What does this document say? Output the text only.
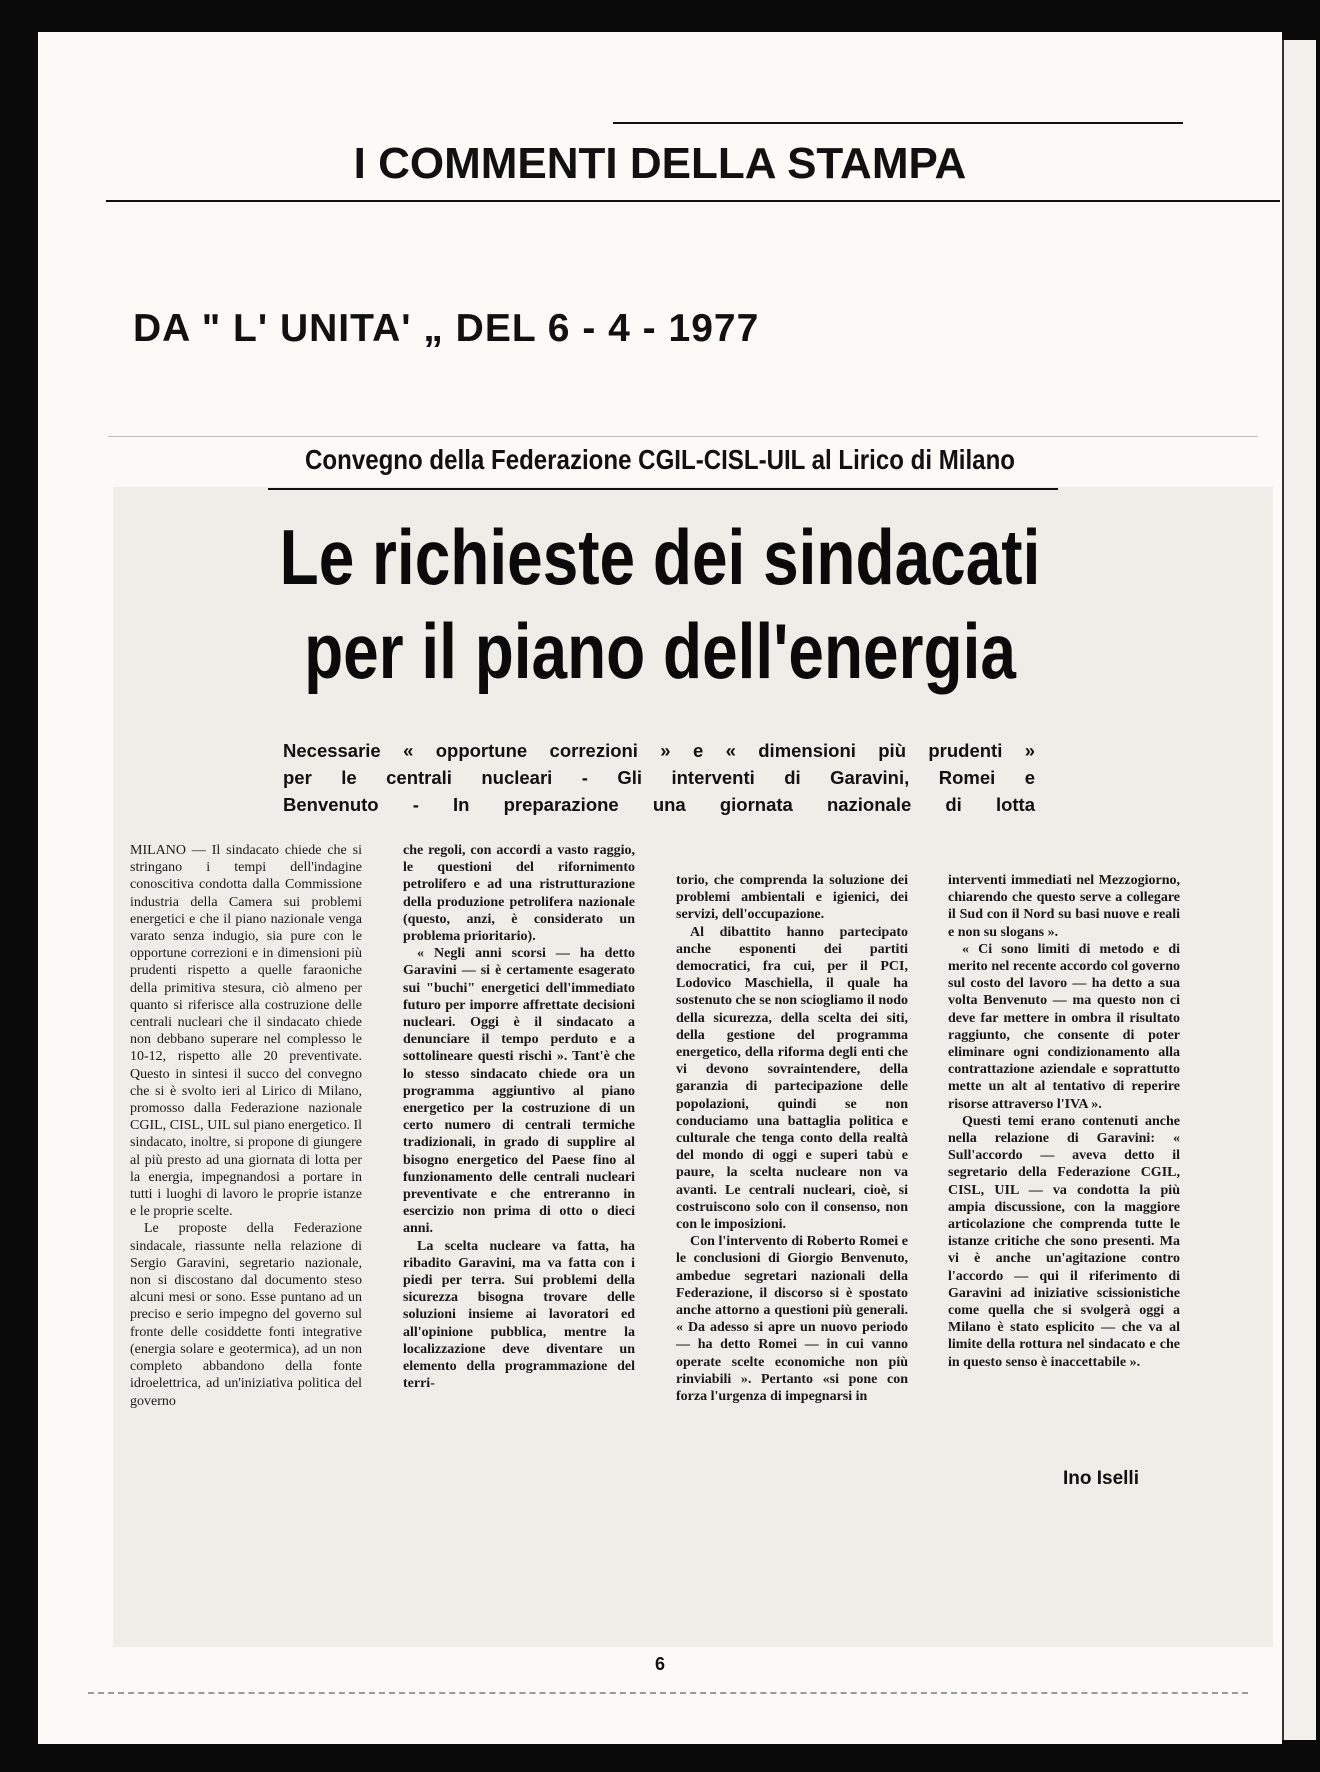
I COMMENTI DELLA STAMPA
DA " L' UNITA' „ DEL 6 - 4 - 1977
Convegno della Federazione CGIL-CISL-UIL al Lirico di Milano
Le richieste dei sindacati
per il piano dell'energia
Necessarie « opportune correzioni » e « dimensioni più prudenti »
per le centrali nucleari - Gli interventi di Garavini, Romei e
Benvenuto - In preparazione una giornata nazionale di lotta

MILANO — Il sindacato chiede che si stringano i tempi dell'indagine conoscitiva condotta dalla Commissione industria della Camera sui problemi energetici e che il piano nazionale venga varato senza indugio, sia pure con le opportune correzioni e in dimensioni più prudenti rispetto a quelle faraoniche della primitiva stesura, ciò almeno per quanto si riferisce alla costruzione delle centrali nucleari che il sindacato chiede non debbano superare nel complesso le 10-12, rispetto alle 20 preventivate. Questo in sintesi il succo del convegno che si è svolto ieri al Lirico di Milano, promosso dalla Federazione nazionale CGIL, CISL, UIL sul piano energetico. Il sindacato, inoltre, si propone di giungere al più presto ad una giornata di lotta per la energia, impegnandosi a portare in tutti i luoghi di lavoro le proprie istanze e le proprie scelte.

Le proposte della Federazione sindacale, riassunte nella relazione di Sergio Garavini, segretario nazionale, non si discostano dal documento steso alcuni mesi or sono. Esse puntano ad un preciso e serio impegno del governo sul fronte delle cosiddette fonti integrative (energia solare e geotermica), ad un non completo abbandono della fonte idroelettrica, ad un'iniziativa politica del governo

che regoli, con accordi a vasto raggio, le questioni del rifornimento petrolifero e ad una ristrutturazione della produzione petrolifera nazionale (questo, anzi, è considerato un problema prioritario).

« Negli anni scorsi — ha detto Garavini — si è certamente esagerato sui "buchi" energetici dell'immediato futuro per imporre affrettate decisioni nucleari. Oggi è il sindacato a denunciare il tempo perduto e a sottolineare questi rischi ». Tant'è che lo stesso sindacato chiede ora un programma aggiuntivo al piano energetico per la costruzione di un certo numero di centrali termiche tradizionali, in grado di supplire al bisogno energetico del Paese fino al funzionamento delle centrali nucleari preventivate e che entreranno in esercizio non prima di otto o dieci anni.

La scelta nucleare va fatta, ha ribadito Garavini, ma va fatta con i piedi per terra. Sui problemi della sicurezza bisogna trovare delle soluzioni insieme ai lavoratori ed all'opinione pubblica, mentre la localizzazione deve diventare un elemento della programmazione del terri-

torio, che comprenda la soluzione dei problemi ambientali e igienici, dei servizi, dell'occupazione.

Al dibattito hanno partecipato anche esponenti dei partiti democratici, fra cui, per il PCI, Lodovico Maschiella, il quale ha sostenuto che se non sciogliamo il nodo della sicurezza, della scelta dei siti, della gestione del programma energetico, della riforma degli enti che vi devono sovraintendere, della garanzia di partecipazione delle popolazioni, quindi se non conduciamo una battaglia politica e culturale che tenga conto della realtà del mondo di oggi e superi tabù e paure, la scelta nucleare non va avanti. Le centrali nucleari, cioè, si costruiscono solo con il consenso, non con le imposizioni.

Con l'intervento di Roberto Romei e le conclusioni di Giorgio Benvenuto, ambedue segretari nazionali della Federazione, il discorso si è spostato anche attorno a questioni più generali. « Da adesso si apre un nuovo periodo — ha detto Romei — in cui vanno operate scelte economiche non più rinviabili ». Pertanto «si pone con forza l'urgenza di impegnarsi in

interventi immediati nel Mezzogiorno, chiarendo che questo serve a collegare il Sud con il Nord su basi nuove e reali e non su slogans ».

« Ci sono limiti di metodo e di merito nel recente accordo col governo sul costo del lavoro — ha detto a sua volta Benvenuto — ma questo non ci deve far mettere in ombra il risultato raggiunto, che consente di poter eliminare ogni condizionamento alla contrattazione aziendale e soprattutto mette un alt al tentativo di reperire risorse attraverso l'IVA ».

Questi temi erano contenuti anche nella relazione di Garavini: « Sull'accordo — aveva detto il segretario della Federazione CGIL, CISL, UIL — va condotta la più ampia discussione, con la maggiore articolazione che comprenda tutte le istanze critiche che sono presenti. Ma vi è anche un'agitazione contro l'accordo — qui il riferimento di Garavini ad iniziative scissionistiche come quella che si svolgerà oggi a Milano è stato esplicito — che va al limite della rottura nel sindacato e che in questo senso è inaccettabile ».

Ino Iselli
6
